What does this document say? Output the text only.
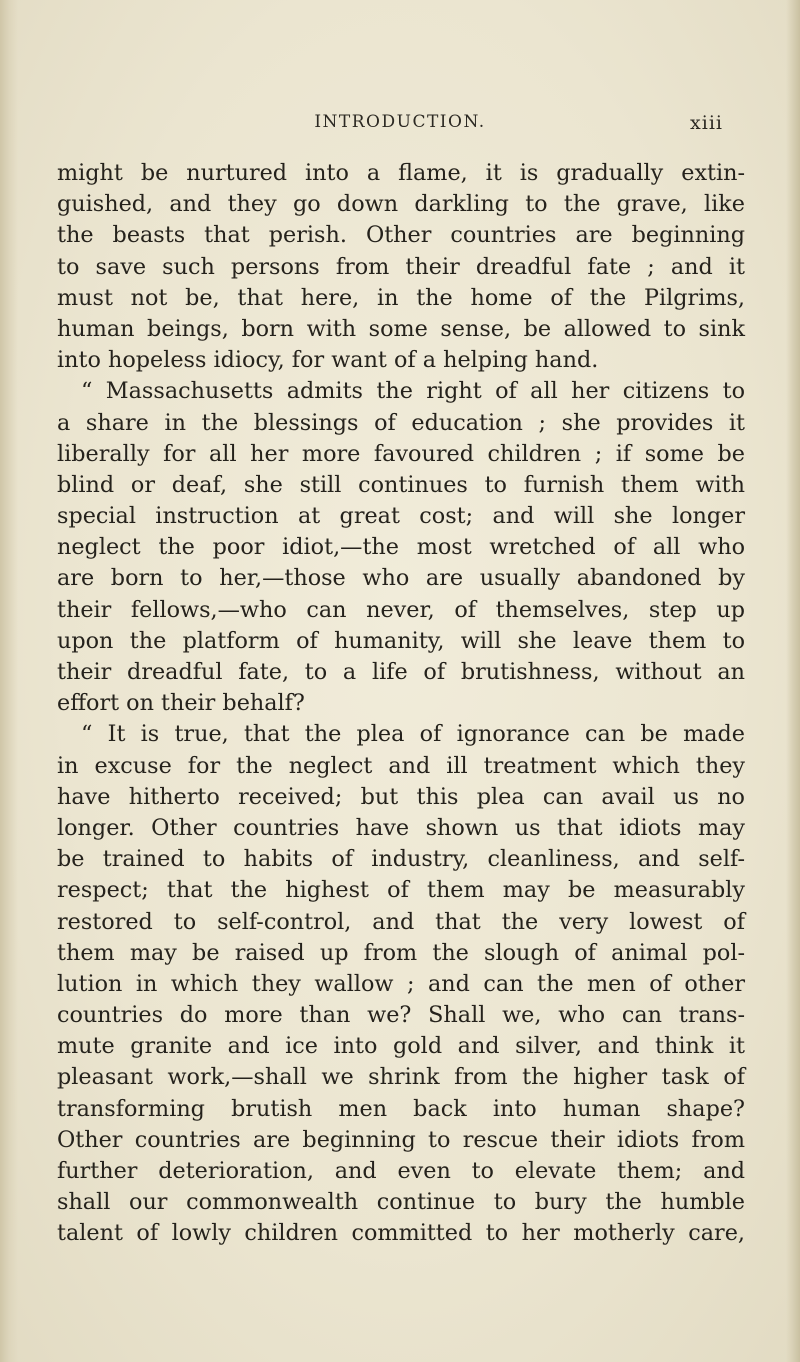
INTRODUCTION.	xiii
might be nurtured into a flame, it is gradually extin-
guished, and they go down darkling to the grave, like
the beasts that perish. Other countries are beginning
to save such persons from their dreadful fate ; and it
must not be, that here, in the home of the Pilgrims,
human beings, born with some sense, be allowed to sink
into hopeless idiocy, for want of a helping hand.
“ Massachusetts admits the right of all her citizens to
a share in the blessings of education ; she provides it
liberally for all her more favoured children ; if some be
blind or deaf, she still continues to furnish them with
special instruction at great cost; and will she longer
neglect the poor idiot,—the most wretched of all who
are born to her,—those who are usually abandoned by
their fellows,—who can never, of themselves, step up
upon the platform of humanity, will she leave them to
their dreadful fate, to a life of brutishness, without an
effort on their behalf?
“ It is true, that the plea of ignorance can be made
in excuse for the neglect and ill treatment which they
have hitherto received; but this plea can avail us no
longer. Other countries have shown us that idiots may
be trained to habits of industry, cleanliness, and self-
respect; that the highest of them may be measurably
restored to self-control, and that the very lowest of
them may be raised up from the slough of animal pol-
lution in which they wallow ; and can the men of other
countries do more than we? Shall we, who can trans-
mute granite and ice into gold and silver, and think it
pleasant work,—shall we shrink from the higher task of
transforming brutish men back into human shape?
Other countries are beginning to rescue their idiots from
further deterioration, and even to elevate them; and
shall our commonwealth continue to bury the humble
talent of lowly children committed to her motherly care,
